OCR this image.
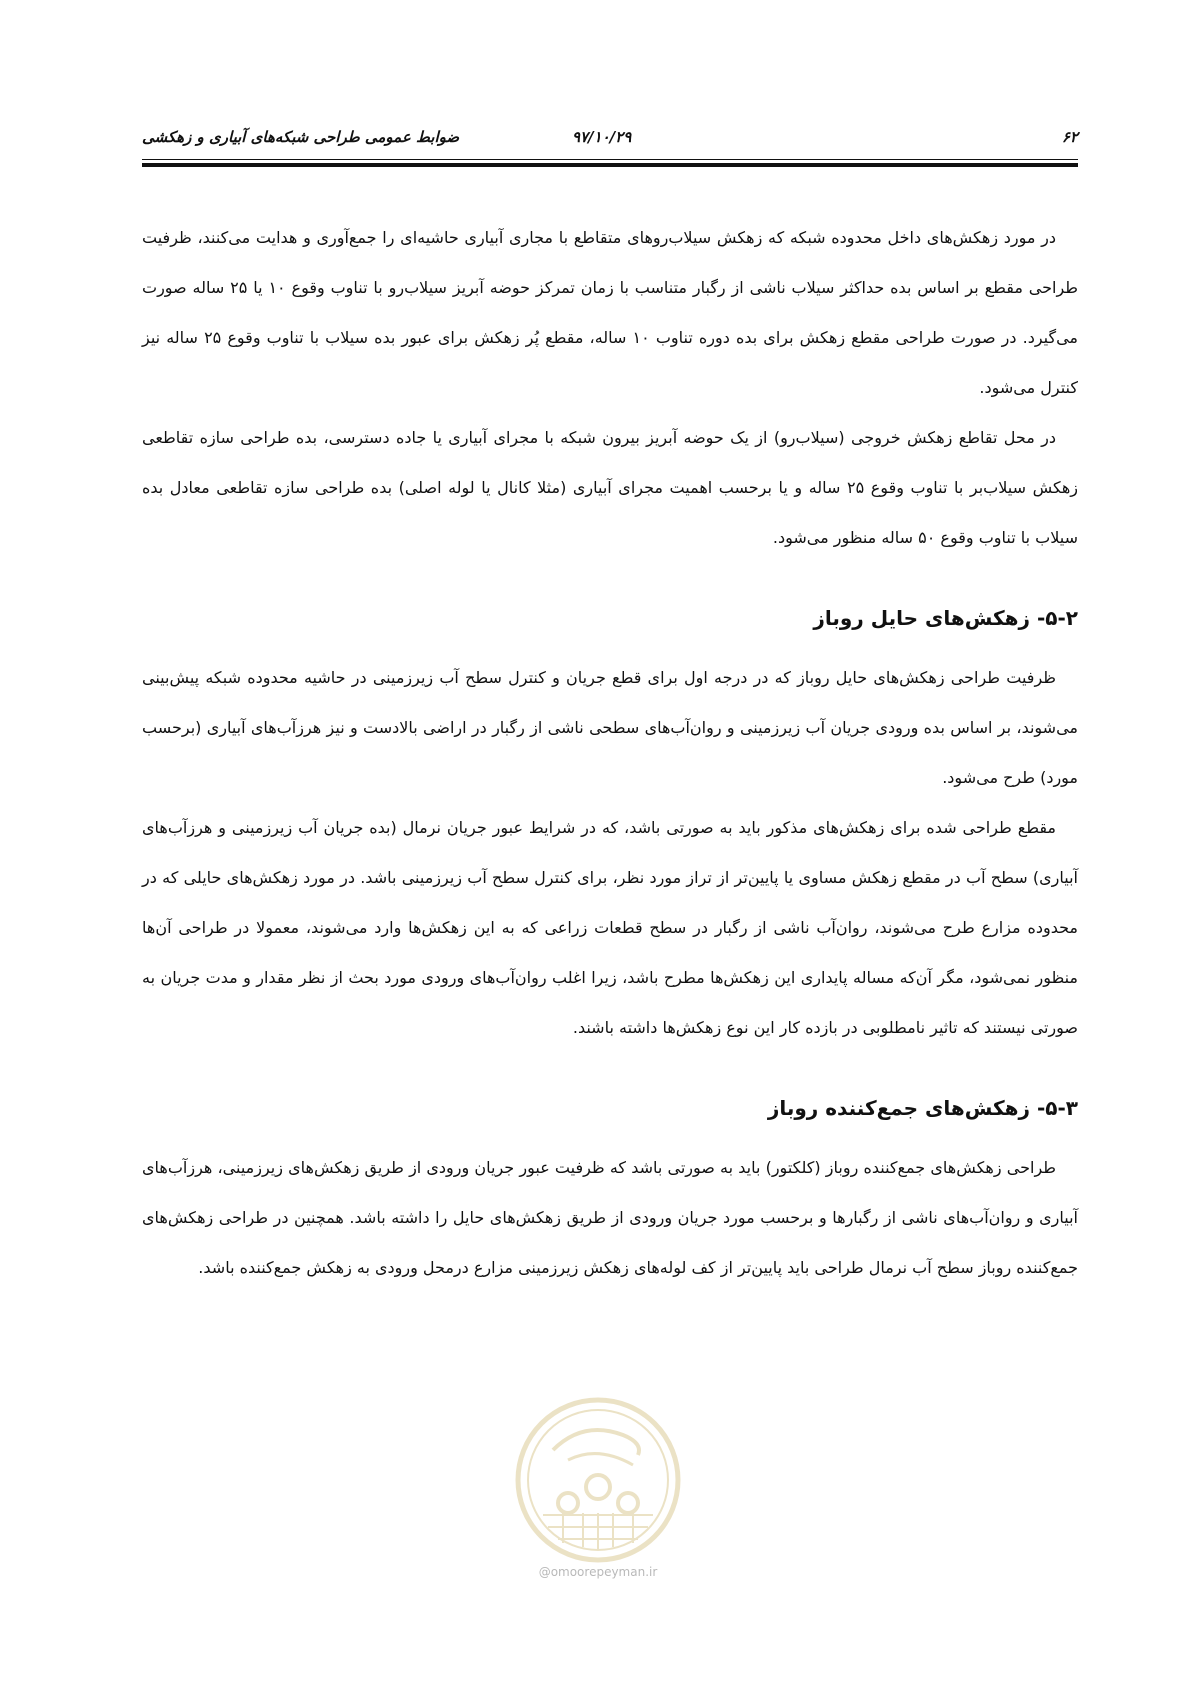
۶۲
۹۷/۱۰/۲۹
ضوابط عمومی طراحی شبکه‌های آبیاری و زهکشی

در مورد زهکش‌های داخل محدوده شبکه که زهکش سیلاب‌روهای متقاطع با مجاری آبیاری حاشیه‌ای را جمع‌آوری و هدایت می‌کنند، ظرفیت طراحی مقطع بر اساس بده حداکثر سیلاب ناشی از رگبار متناسب با زمان تمرکز حوضه آبریز سیلاب‌رو با تناوب وقوع ۱۰ یا ۲۵ ساله صورت می‌گیرد. در صورت طراحی مقطع زهکش برای بده دوره تناوب ۱۰ ساله، مقطع پُر زهکش برای عبور بده سیلاب با تناوب وقوع ۲۵ ساله نیز کنترل می‌شود.

در محل تقاطع زهکش خروجی (سیلاب‌رو) از یک حوضه آبریز بیرون شبکه با مجرای آبیاری یا جاده دسترسی، بده طراحی سازه تقاطعی زهکش سیلاب‌بر با تناوب وقوع ۲۵ ساله و یا برحسب اهمیت مجرای آبیاری (مثلا کانال یا لوله اصلی) بده طراحی سازه تقاطعی معادل بده سیلاب با تناوب وقوع ۵۰ ساله منظور می‌شود.

۵-۲- زهکش‌های حایل روباز

ظرفیت طراحی زهکش‌های حایل روباز که در درجه اول برای قطع جریان و کنترل سطح آب زیرزمینی در حاشیه محدوده شبکه پیش‌بینی می‌شوند، بر اساس بده ورودی جریان آب زیرزمینی و روان‌آب‌های سطحی ناشی از رگبار در اراضی بالادست و نیز هرزآب‌های آبیاری (برحسب مورد) طرح می‌شود.

مقطع طراحی شده برای زهکش‌های مذکور باید به صورتی باشد، که در شرایط عبور جریان نرمال (بده جریان آب زیرزمینی و هرزآب‌های آبیاری) سطح آب در مقطع زهکش مساوی یا پایین‌تر از تراز مورد نظر، برای کنترل سطح آب زیرزمینی باشد. در مورد زهکش‌های حایلی که در محدوده مزارع طرح می‌شوند، روان‌آب ناشی از رگبار در سطح قطعات زراعی که به این زهکش‌ها وارد می‌شوند، معمولا در طراحی آن‌ها منظور نمی‌شود، مگر آن‌که مساله پایداری این زهکش‌ها مطرح باشد، زیرا اغلب روان‌آب‌های ورودی مورد بحث از نظر مقدار و مدت جریان به صورتی نیستند که تاثیر نامطلوبی در بازده کار این نوع زهکش‌ها داشته باشند.

۵-۳- زهکش‌های جمع‌کننده روباز

طراحی زهکش‌های جمع‌کننده روباز (کلکتور) باید به صورتی باشد که ظرفیت عبور جریان ورودی از طریق زهکش‌های زیرزمینی، هرزآب‌های آبیاری و روان‌آب‌های ناشی از رگبارها و برحسب مورد جریان ورودی از طریق زهکش‌های حایل را داشته باشد. همچنین در طراحی زهکش‌های جمع‌کننده روباز سطح آب نرمال طراحی باید پایین‌تر از کف لوله‌های زهکش زیرزمینی مزارع درمحل ورودی به زهکش جمع‌کننده باشد.

@omoorepeyman.ir
